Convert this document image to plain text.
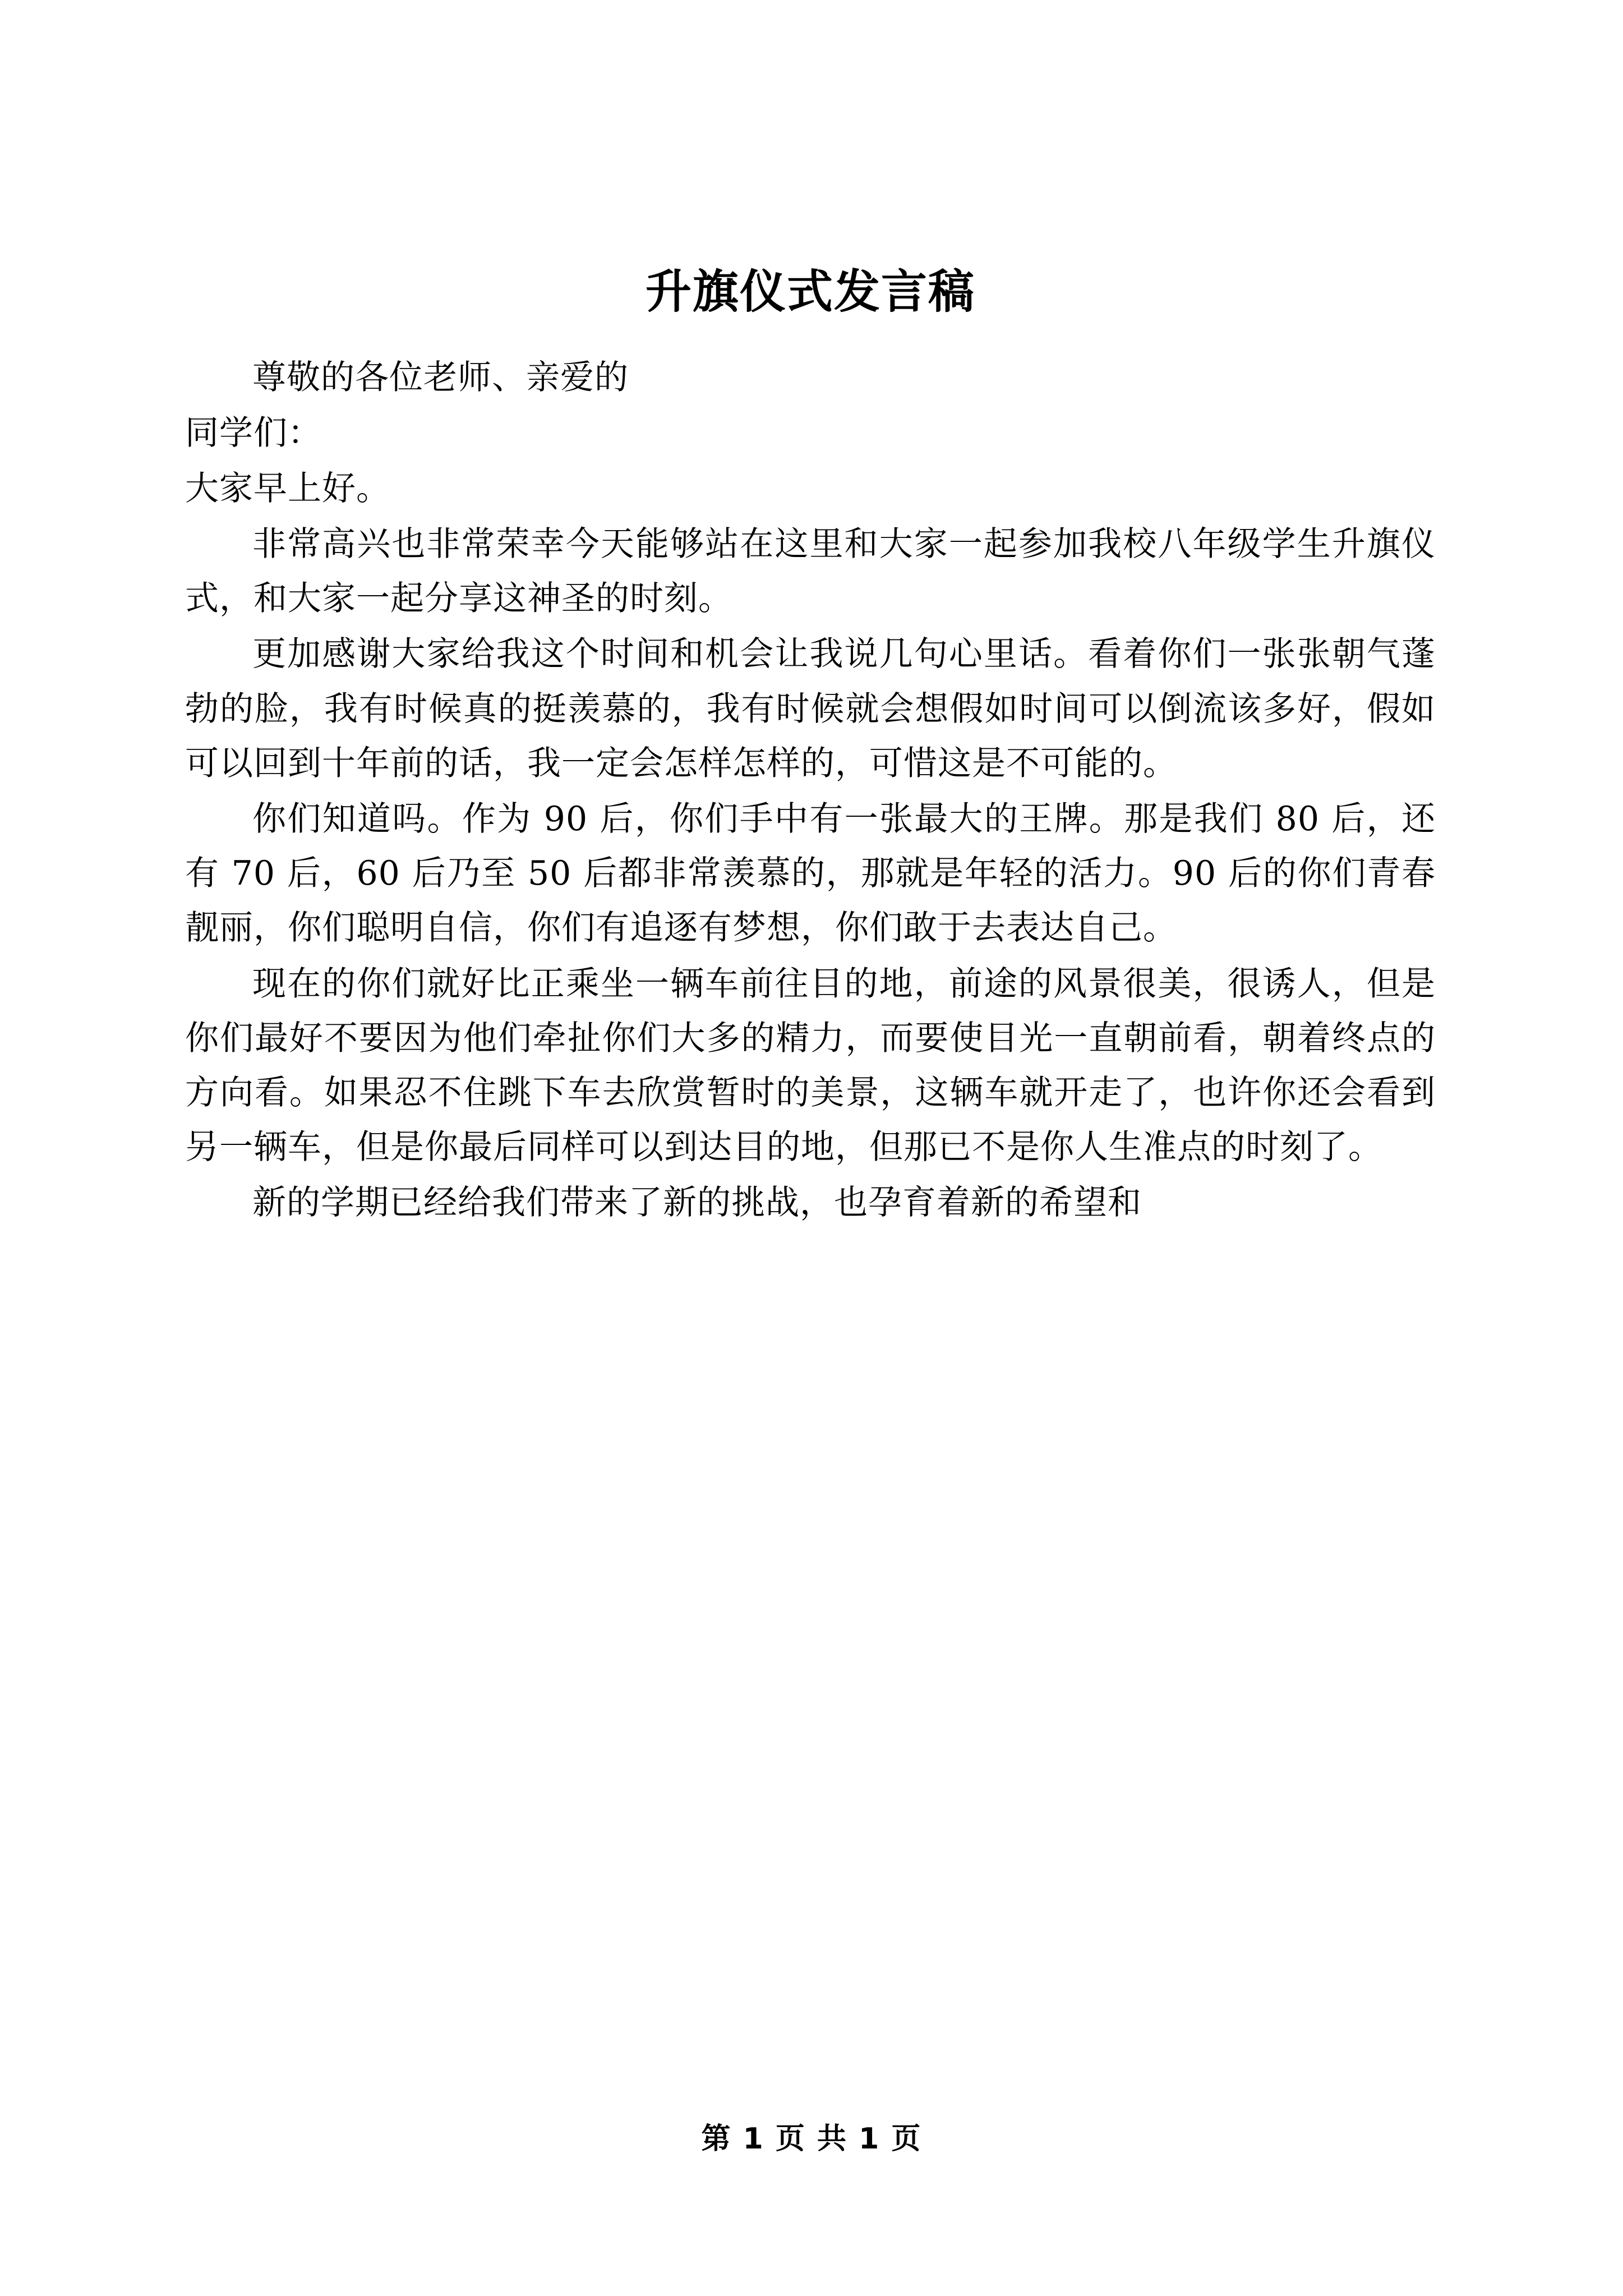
升旗仪式发言稿

尊敬的各位老师、亲爱的

同学们：

大家早上好。

非常高兴也非常荣幸今天能够站在这里和大家一起参加我校八年级学生升旗仪式，和大家一起分享这神圣的时刻。

更加感谢大家给我这个时间和机会让我说几句心里话。看着你们一张张朝气蓬勃的脸，我有时候真的挺羡慕的，我有时候就会想假如时间可以倒流该多好，假如可以回到十年前的话，我一定会怎样怎样的，可惜这是不可能的。

你们知道吗。作为 90 后，你们手中有一张最大的王牌。那是我们 80 后，还有 70 后，60 后乃至 50 后都非常羡慕的，那就是年轻的活力。90 后的你们青春靓丽，你们聪明自信，你们有追逐有梦想，你们敢于去表达自己。

现在的你们就好比正乘坐一辆车前往目的地，前途的风景很美，很诱人，但是你们最好不要因为他们牵扯你们大多的精力，而要使目光一直朝前看，朝着终点的方向看。如果忍不住跳下车去欣赏暂时的美景，这辆车就开走了，也许你还会看到另一辆车，但是你最后同样可以到达目的地，但那已不是你人生准点的时刻了。

新的学期已经给我们带来了新的挑战，也孕育着新的希望和

第 1 页 共 1 页
